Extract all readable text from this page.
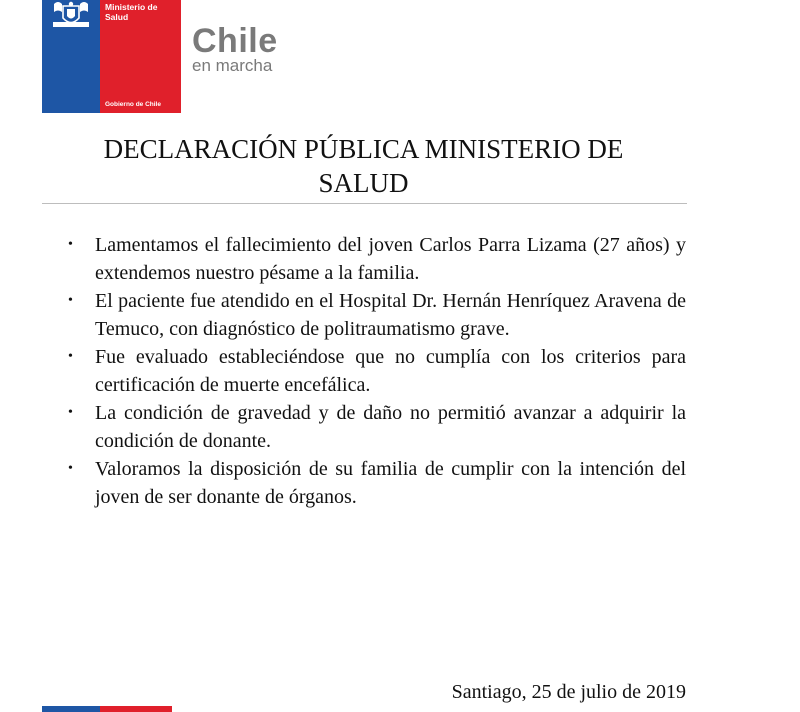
Ministerio de
Salud
Gobierno de Chile
Chile
en marcha
DECLARACIÓN PÚBLICA MINISTERIO DE
SALUD
• Lamentamos el fallecimiento del joven Carlos Parra Lizama (27 años) y extendemos nuestro pésame a la familia.
• El paciente fue atendido en el Hospital Dr. Hernán Henríquez Aravena de Temuco, con diagnóstico de politraumatismo grave.
• Fue evaluado estableciéndose que no cumplía con los criterios para certificación de muerte encefálica.
• La condición de gravedad y de daño no permitió avanzar a adquirir la condición de donante.
• Valoramos la disposición de su familia de cumplir con la intención del joven de ser donante de órganos.
Santiago, 25 de julio de 2019
